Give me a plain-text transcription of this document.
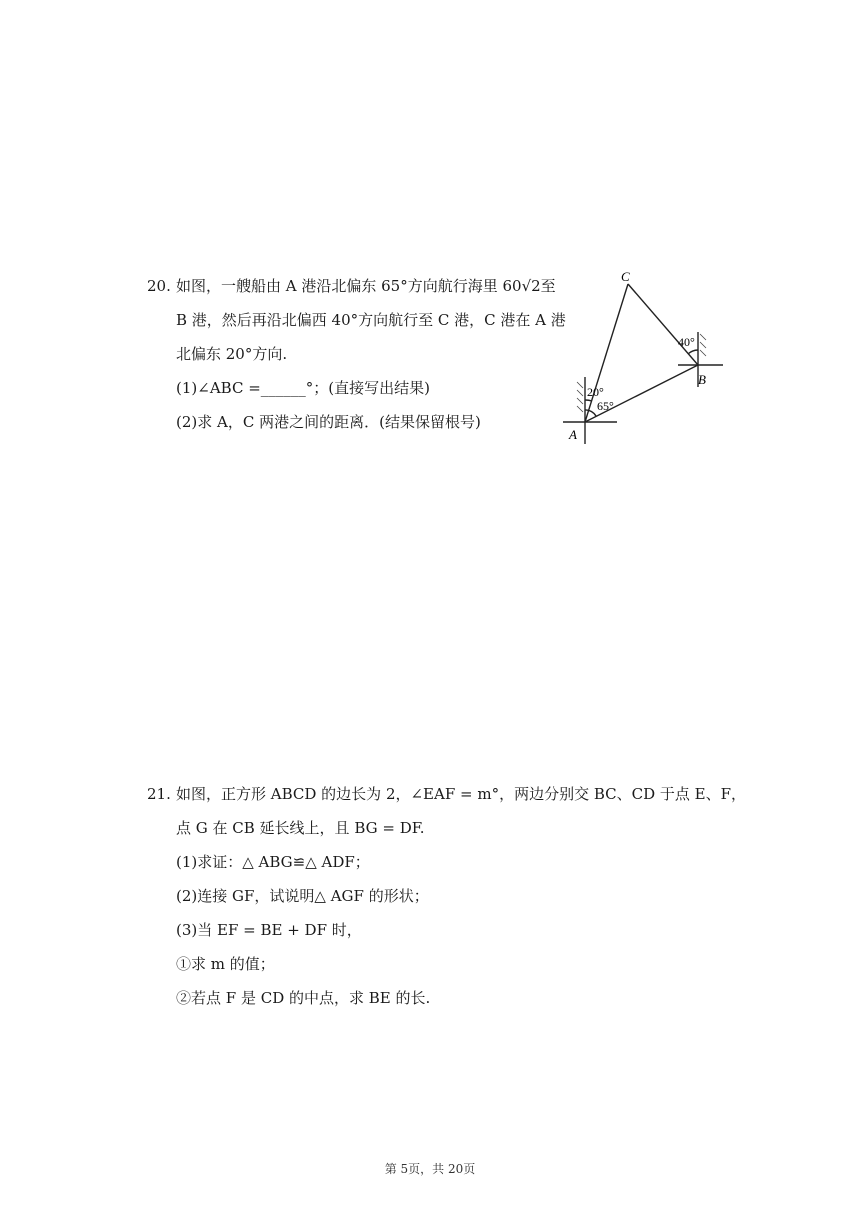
20. 如图，一艘船由 A 港沿北偏东 65°方向航行海里 60√2至
B 港，然后再沿北偏西 40°方向航行至 C 港，C 港在 A 港
北偏东 20°方向.
(1)∠ABC =______°；(直接写出结果)
(2)求 A，C 两港之间的距离．(结果保留根号)
A
B
C
20°
65°
40°
21. 如图，正方形 ABCD 的边长为 2，∠EAF = m°，两边分别交 BC、CD 于点 E、F，
点 G 在 CB 延长线上，且 BG = DF.
(1)求证：△ ABG≌△ ADF；
(2)连接 GF，试说明△ AGF 的形状；
(3)当 EF = BE + DF 时，
①求 m 的值；
②若点 F 是 CD 的中点，求 BE 的长.
第 5页，共 20页
